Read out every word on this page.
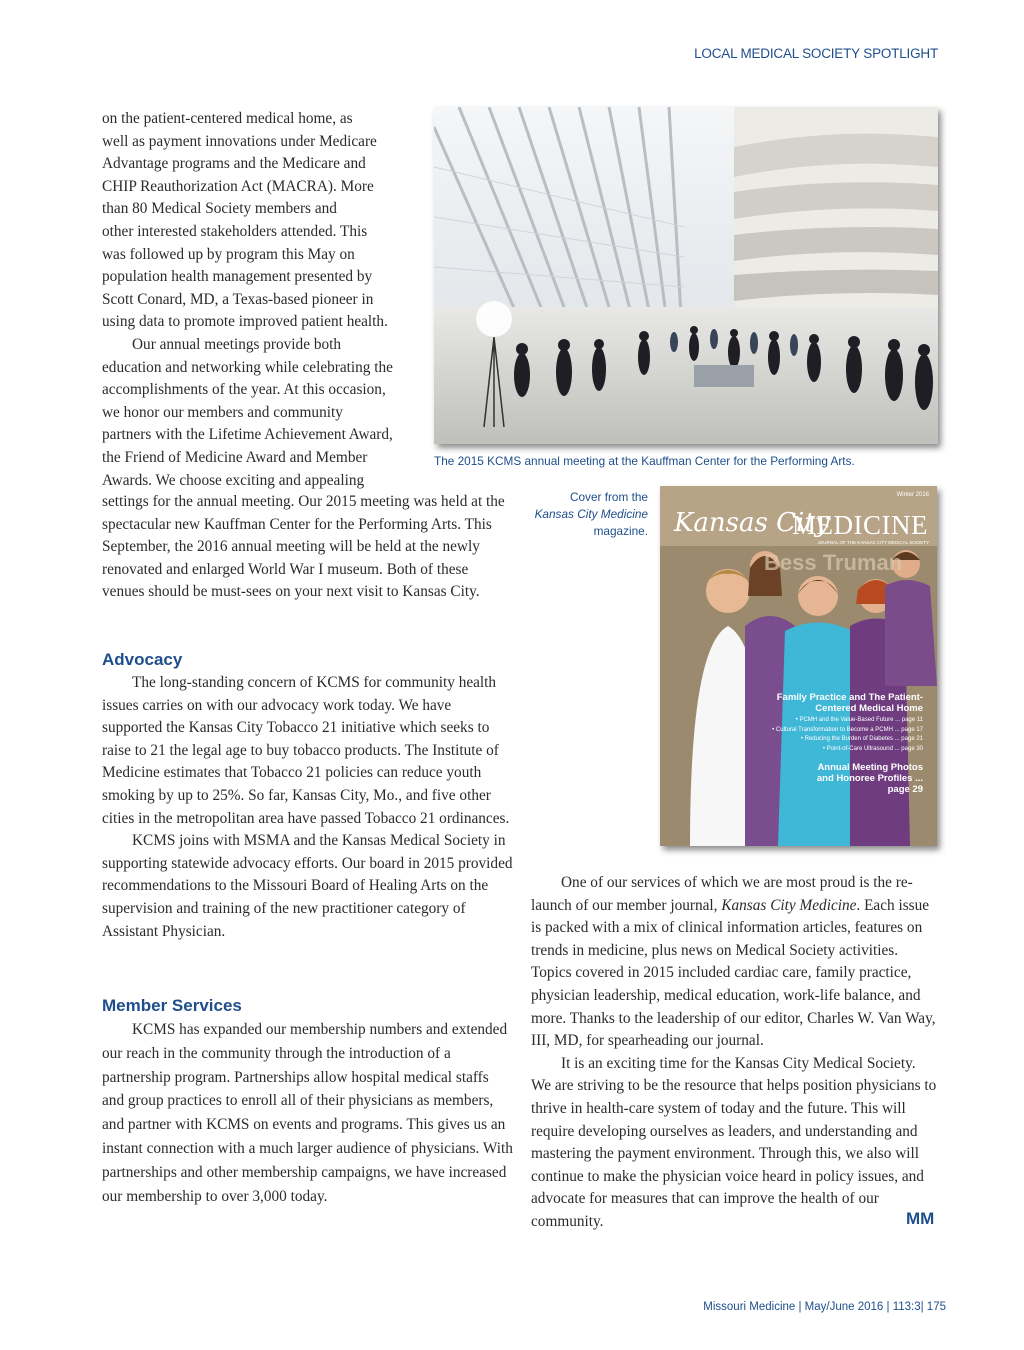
LOCAL MEDICAL SOCIETY SPOTLIGHT

on the patient-centered medical home, as

well as payment innovations under Medicare

Advantage programs and the Medicare and

CHIP Reauthorization Act (MACRA). More

than 80 Medical Society members and

other interested stakeholders attended. This

was followed up by program this May on

population health management presented by

Scott Conard, MD, a Texas-based pioneer in

using data to promote improved patient health.

Our annual meetings provide both

education and networking while celebrating the

accomplishments of the year. At this occasion,

we honor our members and community

partners with the Lifetime Achievement Award,

the Friend of Medicine Award and Member

Awards. We choose exciting and appealing

settings for the annual meeting. Our 2015 meeting was held at the spectacular new Kauffman Center for the Performing Arts. This September, the 2016 annual meeting will be held at the newly renovated and enlarged World War I museum. Both of these venues should be must-sees on your next visit to Kansas City.

Advocacy

The long-standing concern of KCMS for community health issues carries on with our advocacy work today. We have supported the Kansas City Tobacco 21 initiative which seeks to raise to 21 the legal age to buy tobacco products. The Institute of Medicine estimates that Tobacco 21 policies can reduce youth smoking by up to 25%. So far, Kansas City, Mo., and five other cities in the metropolitan area have passed Tobacco 21 ordinances.

KCMS joins with MSMA and the Kansas Medical Society in supporting statewide advocacy efforts. Our board in 2015 provided recommendations to the Missouri Board of Healing Arts on the supervision and training of the new practitioner category of Assistant Physician.

Member Services

KCMS has expanded our membership numbers and extended our reach in the community through the introduction of a partnership program. Partnerships allow hospital medical staffs and group practices to enroll all of their physicians as members, and partner with KCMS on events and programs. This gives us an instant connection with a much larger audience of physicians. With partnerships and other membership campaigns, we have increased our membership to over 3,000 today.

The 2015 KCMS annual meeting at the Kauffman Center for the Performing Arts.
Cover from the
Kansas City Medicine
magazine.
Winter 2016
Kansas City
MEDICINE
JOURNAL OF THE KANSAS CITY MEDICAL SOCIETY
Bess Truman
Family Practice and The Patient-Centered Medical Home
• PCMH and the Value-Based Future ... page 11
• Cultural Transformation to Become a PCMH ... page 17
• Reducing the Burden of Diabetes ... page 21
• Point-of-Care Ultrasound ... page 30
Annual Meeting Photos and Honoree Profiles ... page 29

One of our services of which we are most proud is the re-launch of our member journal, Kansas City Medicine. Each issue is packed with a mix of clinical information articles, features on trends in medicine, plus news on Medical Society activities. Topics covered in 2015 included cardiac care, family practice, physician leadership, medical education, work-life balance, and more. Thanks to the leadership of our editor, Charles W. Van Way, III, MD, for spearheading our journal.

It is an exciting time for the Kansas City Medical Society. We are striving to be the resource that helps position physicians to thrive in health-care system of today and the future. This will require developing ourselves as leaders, and understanding and mastering the payment environment. Through this, we also will continue to make the physician voice heard in policy issues, and advocate for measures that can improve the health of our community.	MM
Missouri Medicine | May/June 2016 | 113:3| 175
